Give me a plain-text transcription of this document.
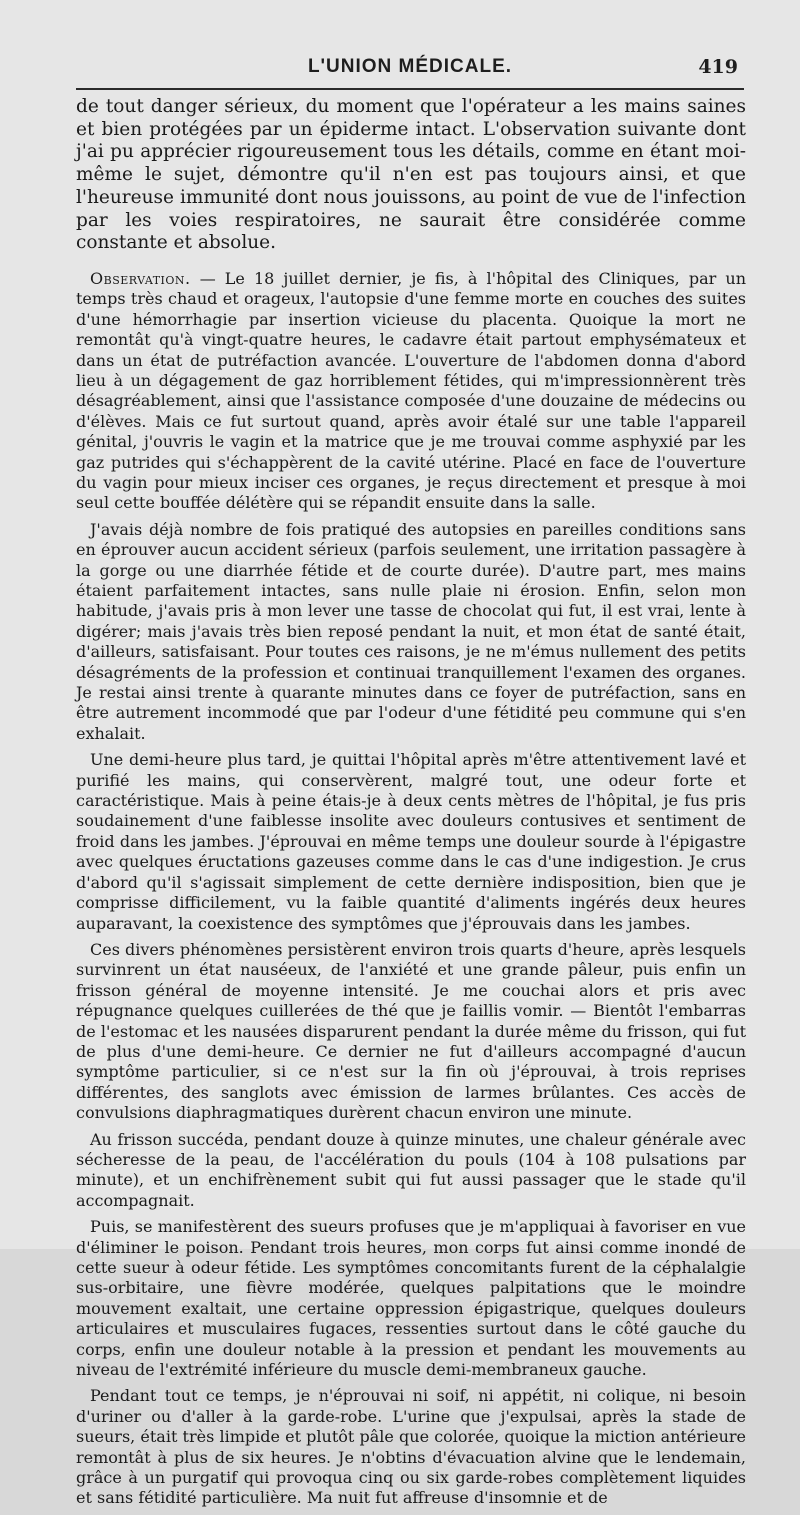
L'UNION MÉDICALE.	419

de tout danger sérieux, du moment que l'opérateur a les mains saines et bien protégées par un épiderme intact. L'observation suivante dont j'ai pu apprécier rigoureusement tous les détails, comme en étant moi-même le sujet, démontre qu'il n'en est pas toujours ainsi, et que l'heureuse immunité dont nous jouissons, au point de vue de l'infection par les voies respiratoires, ne saurait être considérée comme constante et absolue.

Observation. — Le 18 juillet dernier, je fis, à l'hôpital des Cliniques, par un temps très chaud et orageux, l'autopsie d'une femme morte en couches des suites d'une hémorrhagie par insertion vicieuse du placenta. Quoique la mort ne remontât qu'à vingt-quatre heures, le cadavre était partout emphysémateux et dans un état de putréfaction avancée. L'ouverture de l'abdomen donna d'abord lieu à un dégagement de gaz horriblement fétides, qui m'impressionnèrent très désagréablement, ainsi que l'assistance composée d'une douzaine de médecins ou d'élèves. Mais ce fut surtout quand, après avoir étalé sur une table l'appareil génital, j'ouvris le vagin et la matrice que je me trouvai comme asphyxié par les gaz putrides qui s'échappèrent de la cavité utérine. Placé en face de l'ouverture du vagin pour mieux inciser ces organes, je reçus directement et presque à moi seul cette bouffée délétère qui se répandit ensuite dans la salle.

J'avais déjà nombre de fois pratiqué des autopsies en pareilles conditions sans en éprouver aucun accident sérieux (parfois seulement, une irritation passagère à la gorge ou une diarrhée fétide et de courte durée). D'autre part, mes mains étaient parfaitement intactes, sans nulle plaie ni érosion. Enfin, selon mon habitude, j'avais pris à mon lever une tasse de chocolat qui fut, il est vrai, lente à digérer; mais j'avais très bien reposé pendant la nuit, et mon état de santé était, d'ailleurs, satisfaisant. Pour toutes ces raisons, je ne m'émus nullement des petits désagréments de la profession et continuai tranquillement l'examen des organes. Je restai ainsi trente à quarante minutes dans ce foyer de putréfaction, sans en être autrement incommodé que par l'odeur d'une fétidité peu commune qui s'en exhalait.

Une demi-heure plus tard, je quittai l'hôpital après m'être attentivement lavé et purifié les mains, qui conservèrent, malgré tout, une odeur forte et caractéristique. Mais à peine étais-je à deux cents mètres de l'hôpital, je fus pris soudainement d'une faiblesse insolite avec douleurs contusives et sentiment de froid dans les jambes. J'éprouvai en même temps une douleur sourde à l'épigastre avec quelques éructations gazeuses comme dans le cas d'une indigestion. Je crus d'abord qu'il s'agissait simplement de cette dernière indisposition, bien que je comprisse difficilement, vu la faible quantité d'aliments ingérés deux heures auparavant, la coexistence des symptômes que j'éprouvais dans les jambes.

Ces divers phénomènes persistèrent environ trois quarts d'heure, après lesquels survinrent un état nauséeux, de l'anxiété et une grande pâleur, puis enfin un frisson général de moyenne intensité. Je me couchai alors et pris avec répugnance quelques cuillerées de thé que je faillis vomir. — Bientôt l'embarras de l'estomac et les nausées disparurent pendant la durée même du frisson, qui fut de plus d'une demi-heure. Ce dernier ne fut d'ailleurs accompagné d'aucun symptôme particulier, si ce n'est sur la fin où j'éprouvai, à trois reprises différentes, des sanglots avec émission de larmes brûlantes. Ces accès de convulsions diaphragmatiques durèrent chacun environ une minute.

Au frisson succéda, pendant douze à quinze minutes, une chaleur générale avec sécheresse de la peau, de l'accélération du pouls (104 à 108 pulsations par minute), et un enchifrènement subit qui fut aussi passager que le stade qu'il accompagnait.

Puis, se manifestèrent des sueurs profuses que je m'appliquai à favoriser en vue d'éliminer le poison. Pendant trois heures, mon corps fut ainsi comme inondé de cette sueur à odeur fétide. Les symptômes concomitants furent de la céphalalgie sus-orbitaire, une fièvre modérée, quelques palpitations que le moindre mouvement exaltait, une certaine oppression épigastrique, quelques douleurs articulaires et musculaires fugaces, ressenties surtout dans le côté gauche du corps, enfin une douleur notable à la pression et pendant les mouvements au niveau de l'extrémité inférieure du muscle demi-membraneux gauche.

Pendant tout ce temps, je n'éprouvai ni soif, ni appétit, ni colique, ni besoin d'uriner ou d'aller à la garde-robe. L'urine que j'expulsai, après la stade de sueurs, était très limpide et plutôt pâle que colorée, quoique la miction antérieure remontât à plus de six heures. Je n'obtins d'évacuation alvine que le lendemain, grâce à un purgatif qui provoqua cinq ou six garde-robes complètement liquides et sans fétidité particulière. Ma nuit fut affreuse d'insomnie et de
